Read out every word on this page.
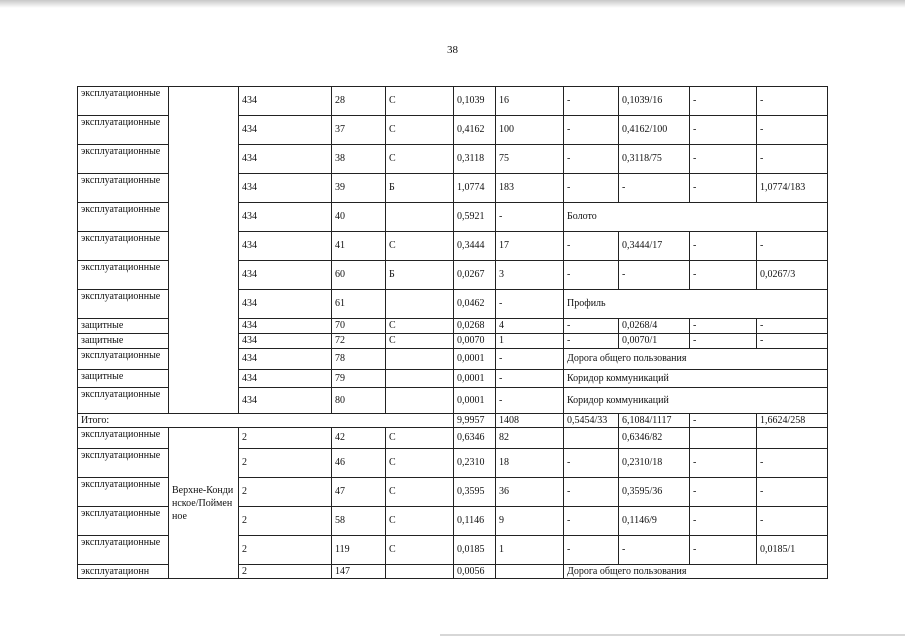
38
эксплуатационные		434	28	С	0,1039	16	-	0,1039/16	-	-
эксплуатационные		434	37	С	0,4162	100	-	0,4162/100	-	-
эксплуатационные		434	38	С	0,3118	75	-	0,3118/75	-	-
эксплуатационные		434	39	Б	1,0774	183	-	-	-	1,0774/183
эксплуатационные		434	40		0,5921	-	Болото			
эксплуатационные		434	41	С	0,3444	17	-	0,3444/17	-	-
эксплуатационные		434	60	Б	0,0267	3	-	-	-	0,0267/3
эксплуатационные		434	61		0,0462	-	Профиль			
защитные		434	70	С	0,0268	4	-	0,0268/4	-	-
защитные		434	72	С	0,0070	1	-	0,0070/1	-	-
эксплуатационные		434	78		0,0001	-	Дорога общего пользования			
защитные		434	79		0,0001	-	Коридор коммуникаций			
эксплуатационные		434	80		0,0001	-	Коридор коммуникаций			
Итого:					9,9957	1408	0,5454/33	6,1084/1117	-	1,6624/258
эксплуатационные	Верхне-Кондинское/Пойменное	2	42	С	0,6346	82		0,6346/82		
эксплуатационные		2	46	С	0,2310	18	-	0,2310/18	-	-
эксплуатационные		2	47	С	0,3595	36	-	0,3595/36	-	-
эксплуатационные		2	58	С	0,1146	9	-	0,1146/9	-	-
эксплуатационные		2	119	С	0,0185	1	-	-	-	0,0185/1
эксплуатационн		2	147		0,0056		Дорога общего пользования			
